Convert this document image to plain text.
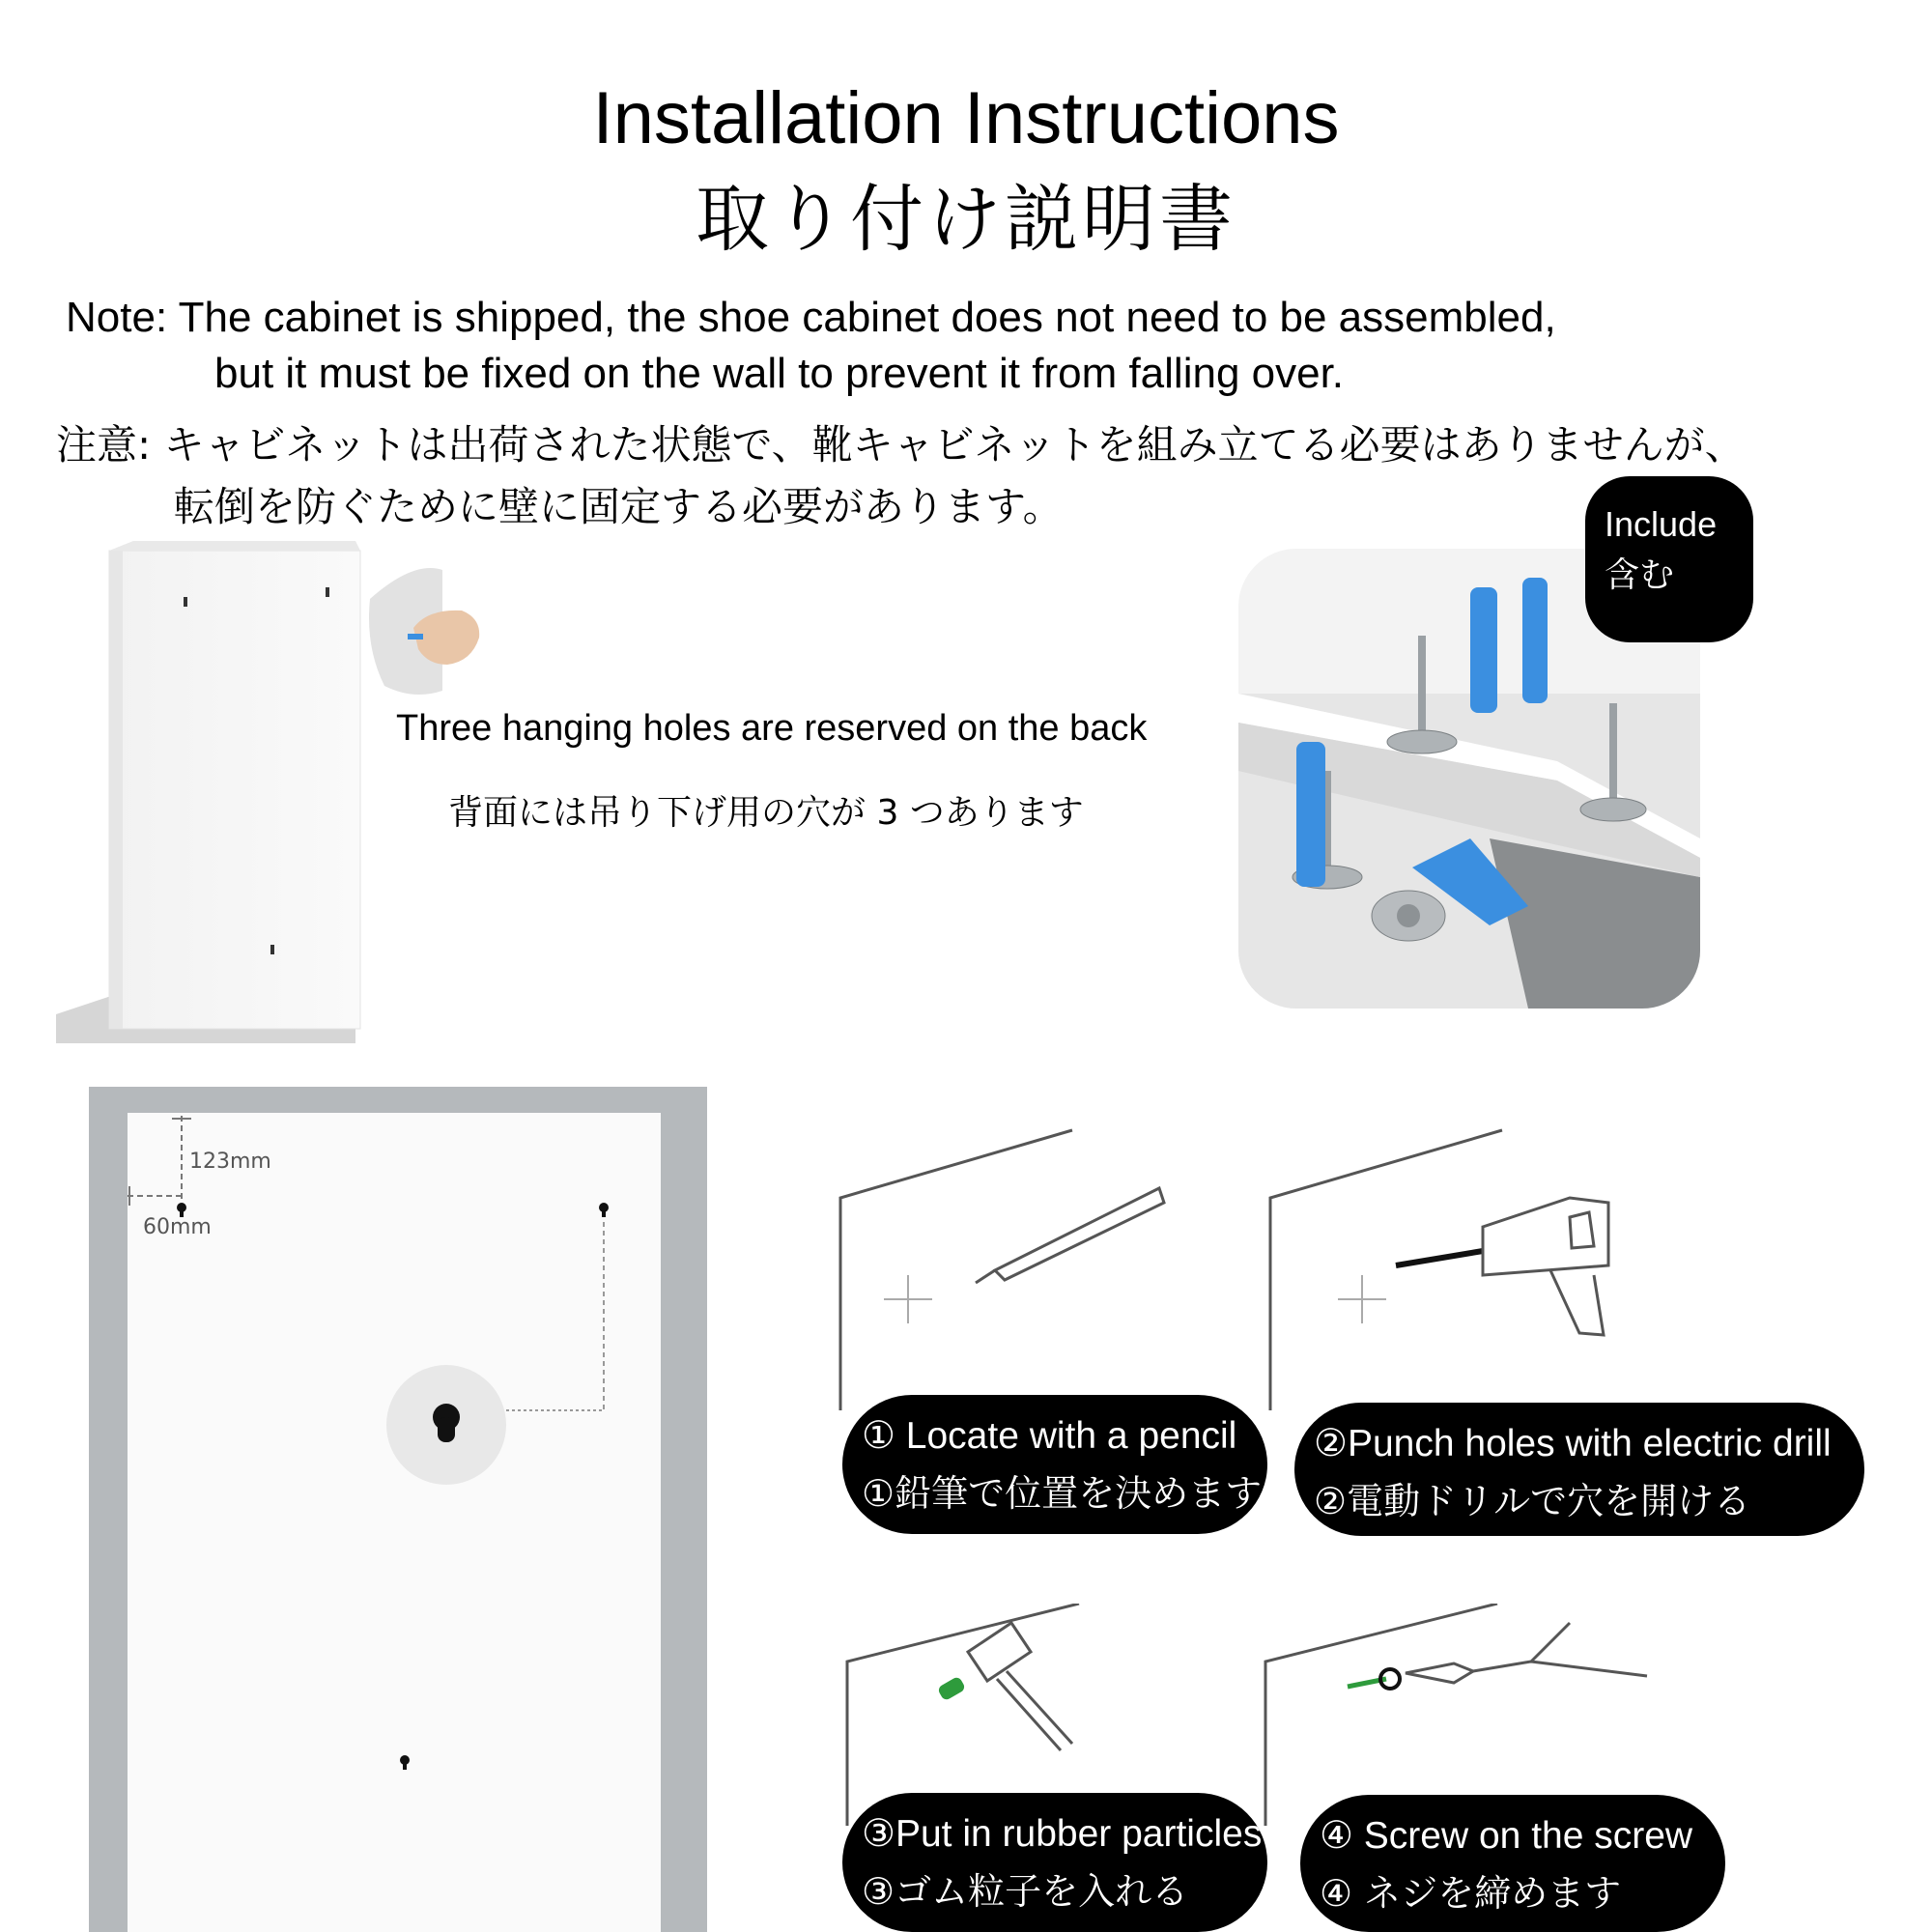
Installation Instructions
取り付け説明書
Note: The cabinet is shipped, the shoe cabinet does not need to be assembled,
but it must be fixed on the wall to prevent it from falling over.
注意: キャビネットは出荷された状態で、靴キャビネットを組み立てる必要はありませんが、
転倒を防ぐために壁に固定する必要があります。
Three hanging holes are reserved on the back
背面には吊り下げ用の穴が 3 つあります
Include
含む
123mm
60mm
① Locate with a pencil
①鉛筆で位置を決めます
②Punch holes with electric drill
②電動ドリルで穴を開ける
③Put in rubber particles
③ゴム粒子を入れる
④ Screw on the screw
④ ネジを締めます
